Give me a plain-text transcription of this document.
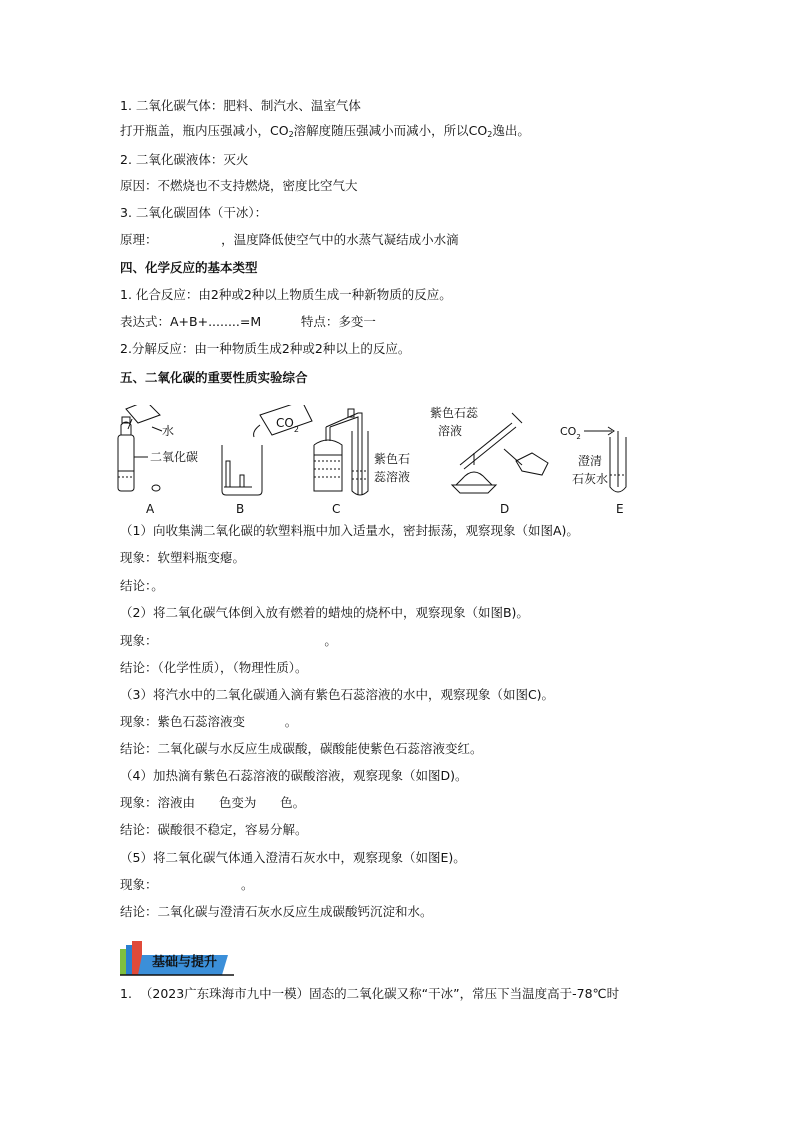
1. 二氧化碳气体：肥料、制汽水、温室气体
打开瓶盖，瓶内压强减小，$CO_2$溶解度随压强减小而减小，所以$CO_2$逸出。
2. 二氧化碳液体：灭火
原因：不燃烧也不支持燃烧，密度比空气大
3. 二氧化碳固体（干冰）：
原理：                ，温度降低使空气中的水蒸气凝结成小水滴
四、化学反应的基本类型
1. 化合反应：由2种或2种以上物质生成一种新物质的反应。
表达式：A+B+........=M          特点：多变一
2.分解反应：由一种物质生成2种或2种以上的反应。
五、二氧化碳的重要性质实验综合
水
二氧化碳
A
$CO_2$
B
紫色石
蕊溶液
C
紫色石蕊
溶液
D
$CO_2$
澄清
石灰水
E
（1）向收集满二氧化碳的软塑料瓶中加入适量水，密封振荡，观察现象（如图A)。
现象：软塑料瓶变瘪。
结论：。
（2）将二氧化碳气体倒入放有燃着的蜡烛的烧杯中，观察现象（如图B)。
现象：                                          。
结论：（化学性质），（物理性质）。
（3）将汽水中的二氧化碳通入滴有紫色石蕊溶液的水中，观察现象（如图C)。
现象：紫色石蕊溶液变          。
结论：二氧化碳与水反应生成碳酸，碳酸能使紫色石蕊溶液变红。
（4）加热滴有紫色石蕊溶液的碳酸溶液，观察现象（如图D)。
现象：溶液由      色变为      色。
结论：碳酸很不稳定，容易分解。
（5）将二氧化碳气体通入澄清石灰水中，观察现象（如图E)。
现象：                     。
结论：二氧化碳与澄清石灰水反应生成碳酸钙沉淀和水。
基础与提升
1.  （2023广东珠海市九中一模）固态的二氧化碳又称“干冰”，常压下当温度高于-78℃时
